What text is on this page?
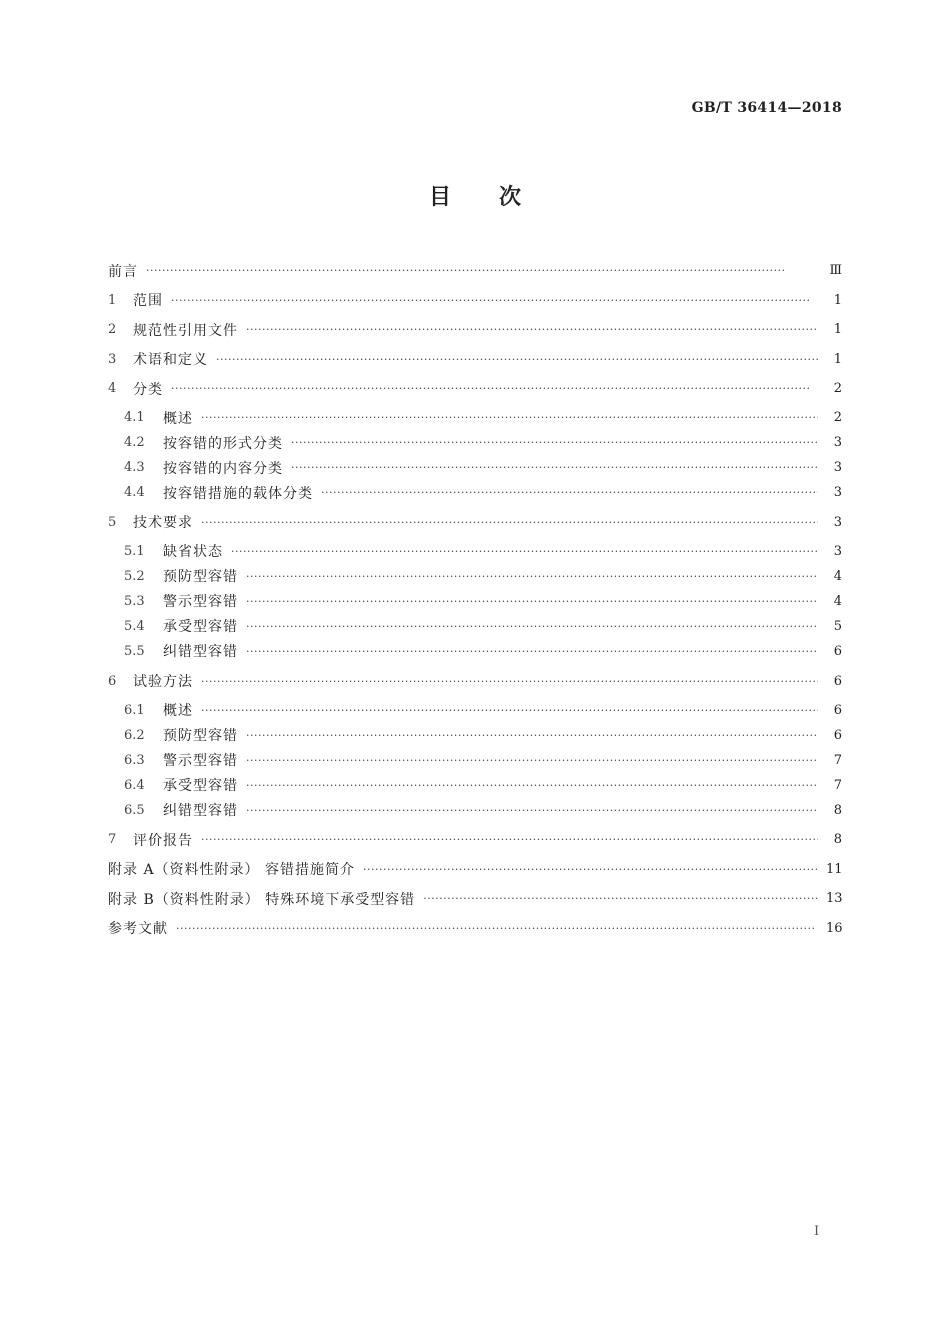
GB/T 36414—2018
目次
前言 ·····	Ⅲ
1	范围 ·····	1
2	规范性引用文件 ·····	1
3	术语和定义 ·····	1
4	分类 ·····	2
4.1	概述 ·····	2
4.2	按容错的形式分类 ·····	3
4.3	按容错的内容分类 ·····	3
4.4	按容错措施的载体分类 ·····	3
5	技术要求 ·····	3
5.1	缺省状态 ·····	3
5.2	预防型容错 ·····	4
5.3	警示型容错 ·····	4
5.4	承受型容错 ·····	5
5.5	纠错型容错 ·····	6
6	试验方法 ·····	6
6.1	概述 ·····	6
6.2	预防型容错 ·····	6
6.3	警示型容错 ·····	7
6.4	承受型容错 ·····	7
6.5	纠错型容错 ·····	8
7	评价报告 ·····	8
附录 A（资料性附录） 容错措施简介 ·····	11
附录 B（资料性附录） 特殊环境下承受型容错 ·····	13
参考文献 ·····	16
Ⅰ
